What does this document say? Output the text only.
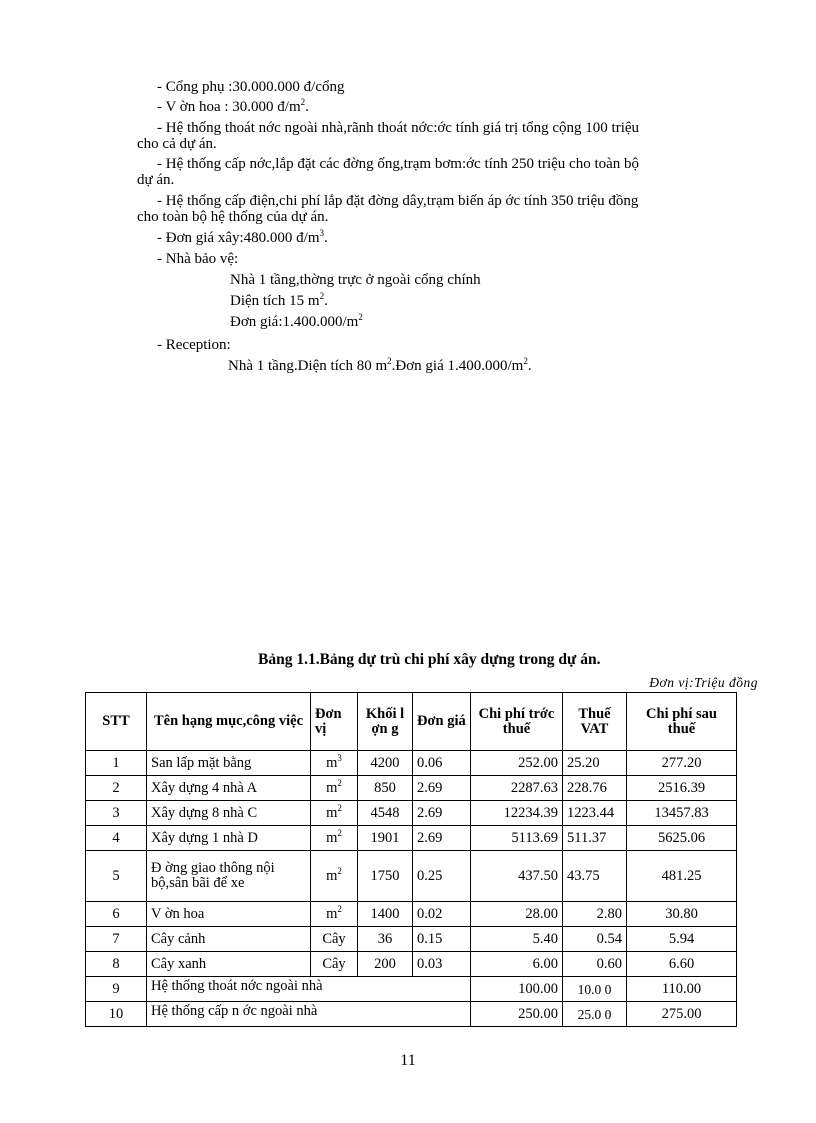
- Cổng phụ :30.000.000 đ/cổng
- V ờn hoa : 30.000 $đ/m^2$.
- Hệ thống thoát nớc ngoài nhà,rãnh thoát nớc:ớc tính giá trị tổng cộng 100 triệu
cho cả dự án.
- Hệ thống cấp nớc,lắp đặt các đờng ống,trạm bơm:ớc tính 250 triệu cho toàn bộ
dự án.
- Hệ thống cấp điện,chi phí lắp đặt đờng dây,trạm biến áp ớc tính 350 triệu đồng
cho toàn bộ hệ thống của dự án.
- Đơn giá xây:480.000 $đ/m^3$.
- Nhà bảo vệ:
Nhà 1 tầng,thờng trực ở ngoài cổng chính
Diện tích 15 $m^2$.
Đơn $giá:1.400.000/m^2$
- Reception:
Nhà 1 tầng.Diện tích 80 $m^2.Đơn$ giá $1.400.000/m^2$.
Bảng 1.1.Bảng dự trù chi phí xây dựng trong dự án.
Đơn vị:Triệu đồng
STT	Tên hạng mục,công việc	Đơn vị	Khối l ợn g	Đơn giá	Chi phí trớc thuế	Thuế VAT	Chi phí sau thuế
1	San lấp mặt bằng	$m^3$	4200	0.06	252.00	25.20	277.20
2	Xây dựng 4 nhà A	$m^2$	850	2.69	2287.63	228.76	2516.39
3	Xây dựng 8 nhà C	$m^2$	4548	2.69	12234.39	1223.44	13457.83
4	Xây dựng 1 nhà D	$m^2$	1901	2.69	5113.69	511.37	5625.06
5	Đ ờng giao thông nội bộ,sân bãi để xe	$m^2$	1750	0.25	437.50	43.75	481.25
6	V ờn hoa	$m^2$	1400	0.02	28.00	2.80	30.80
7	Cây cảnh	Cây	36	0.15	5.40	0.54	5.94
8	Cây xanh	Cây	200	0.03	6.00	0.60	6.60
9	Hệ thống thoát nớc ngoài nhà				100.00	10.0 0	110.00
10	Hệ thống cấp n ớc ngoài nhà				250.00	25.0 0	275.00
11
